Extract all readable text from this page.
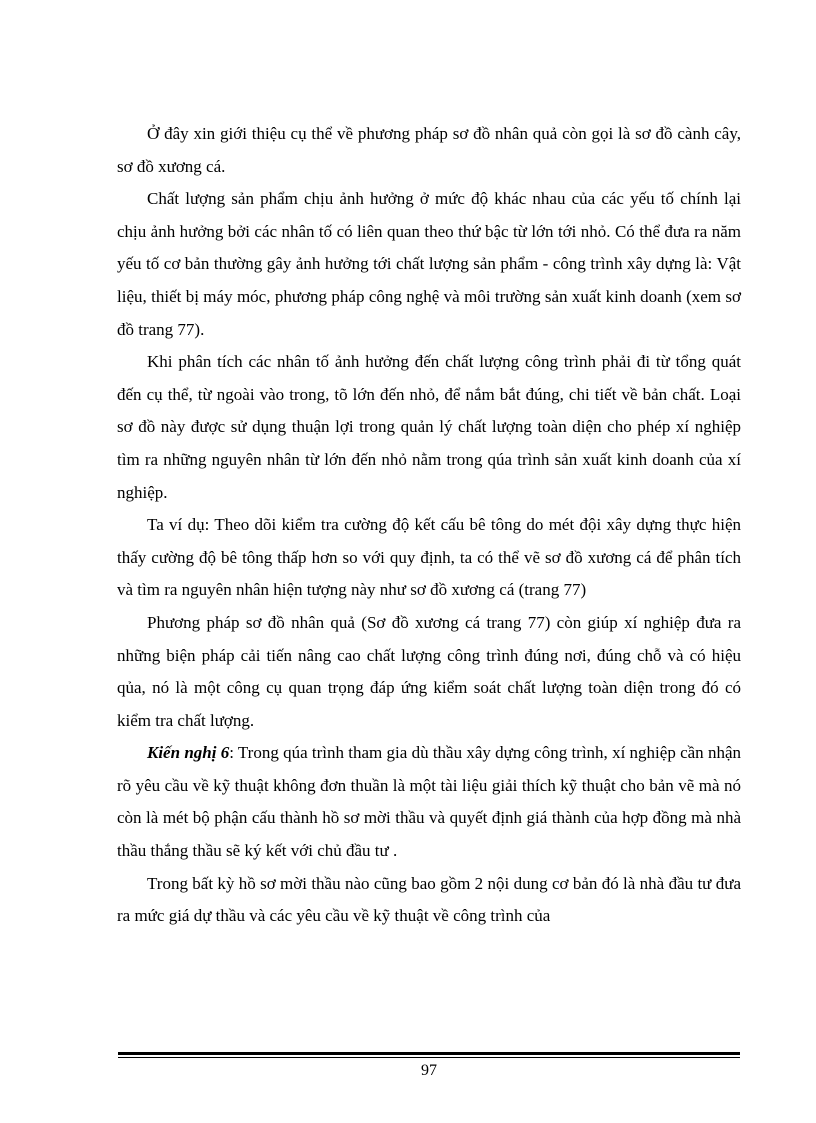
Ở đây xin giới thiệu cụ thể về phương pháp sơ đồ nhân quả còn gọi là sơ đồ cành cây, sơ đồ xương cá.

Chất lượng sản phẩm chịu ảnh hưởng ở mức độ khác nhau của các yếu tố chính lại chịu ảnh hưởng bởi các nhân tố có liên quan theo thứ bậc từ lớn tới nhỏ. Có thể đưa ra năm yếu tố cơ bản thường gây ảnh hưởng tới chất lượng sản phẩm - công trình xây dựng là: Vật liệu, thiết bị máy móc, phương pháp công nghệ và môi trường sản xuất kinh doanh (xem sơ đồ trang 77).

Khi phân tích các nhân tố ảnh hưởng đến chất lượng công trình phải đi từ tổng quát đến cụ thể, từ ngoài vào trong, tõ lớn đến nhỏ, để nắm bắt đúng, chi tiết về bản chất. Loại sơ đồ này được sử dụng thuận lợi trong quản lý chất lượng toàn diện cho phép xí nghiệp tìm ra những nguyên nhân từ lớn đến nhỏ nằm trong qúa trình sản xuất kinh doanh của xí nghiệp.

Ta ví dụ: Theo dõi kiểm tra cường độ kết cấu bê tông do mét đội xây dựng thực hiện thấy cường độ bê tông thấp hơn so với quy định, ta có thể vẽ sơ đồ xương cá để phân tích và tìm ra nguyên nhân hiện tượng này như sơ đồ xương cá (trang 77)

Phương pháp sơ đồ nhân quả (Sơ đồ xương cá trang 77) còn giúp xí nghiệp đưa ra những biện pháp cải tiến nâng cao chất lượng công trình đúng nơi, đúng chỗ và có hiệu qủa, nó là một công cụ quan trọng đáp ứng kiểm soát chất lượng toàn diện trong đó có kiểm tra chất lượng.

Kiến nghị 6: Trong qúa trình tham gia dù thầu xây dựng công trình, xí nghiệp cần nhận rõ yêu cầu về kỹ thuật không đơn thuần là một tài liệu giải thích kỹ thuật cho bản vẽ mà nó còn là mét bộ phận cấu thành hồ sơ mời thầu và quyết định giá thành của hợp đồng mà nhà thầu thắng thầu sẽ ký kết với chủ đầu tư .

Trong bất kỳ hồ sơ mời thầu nào cũng bao gồm 2 nội dung cơ bản đó là nhà đầu tư đưa ra mức giá dự thầu và các yêu cầu về kỹ thuật về công trình của

97
